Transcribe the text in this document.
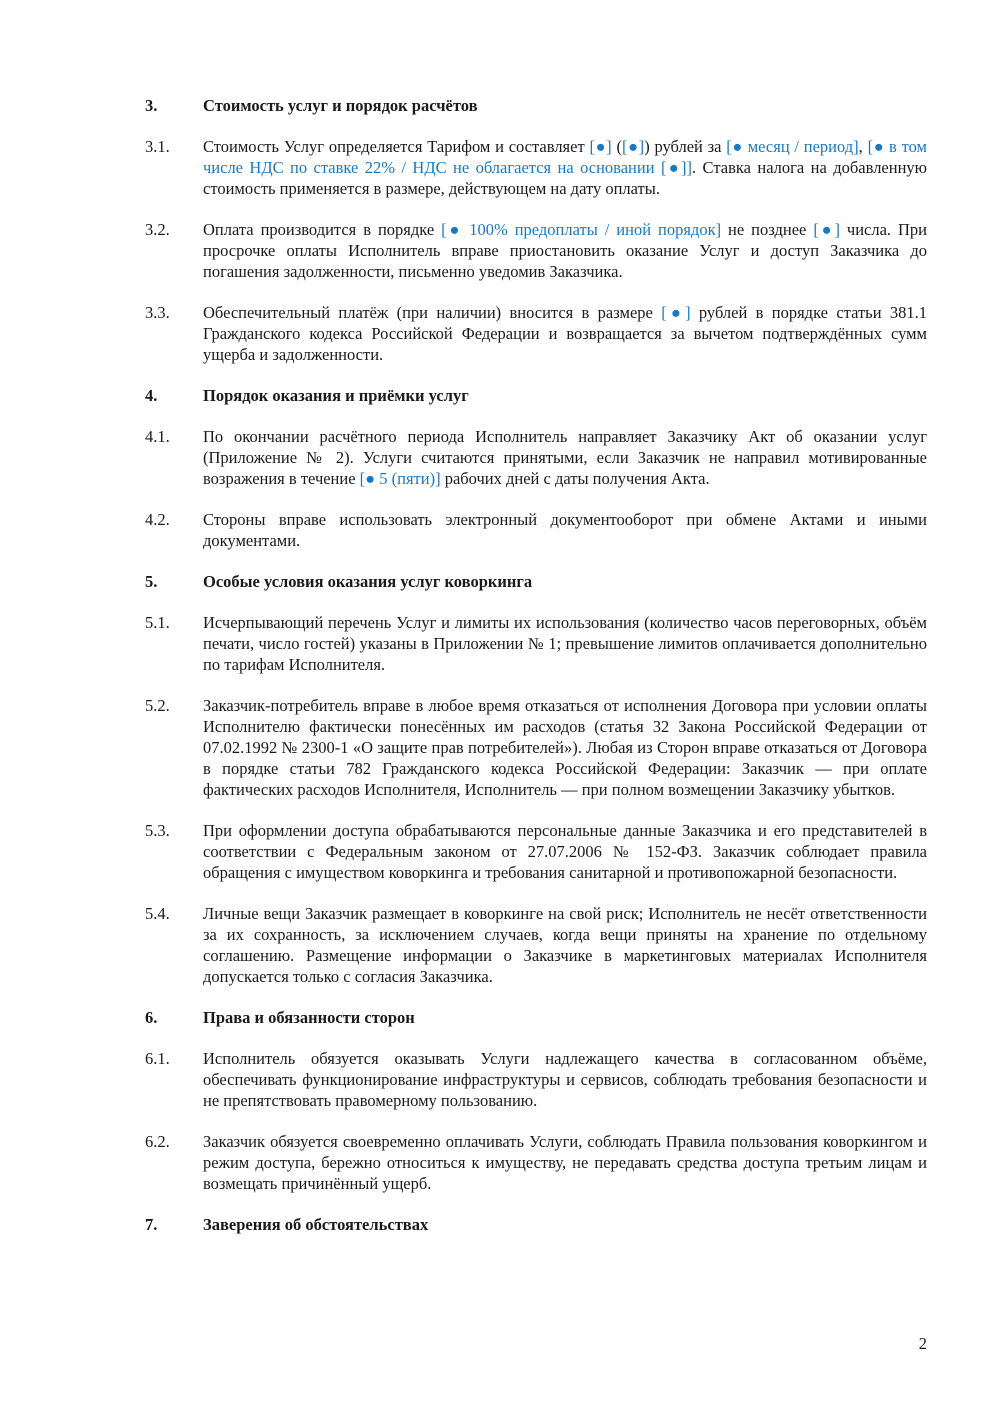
3.	Стоимость услуг и порядок расчётов
3.1.	Стоимость Услуг определяется Тарифом и составляет [●] ([●]) рублей за [● месяц / период], [● в том числе НДС по ставке 22% / НДС не облагается на основании [●]]. Ставка налога на добавленную стоимость применяется в размере, действующем на дату оплаты.
3.2.	Оплата производится в порядке [● 100% предоплаты / иной порядок] не позднее [●] числа. При просрочке оплаты Исполнитель вправе приостановить оказание Услуг и доступ Заказчика до погашения задолженности, письменно уведомив Заказчика.
3.3.	Обеспечительный платёж (при наличии) вносится в размере [●] рублей в порядке статьи 381.1 Гражданского кодекса Российской Федерации и возвращается за вычетом подтверждённых сумм ущерба и задолженности.
4.	Порядок оказания и приёмки услуг
4.1.	По окончании расчётного периода Исполнитель направляет Заказчику Акт об оказании услуг (Приложение № 2). Услуги считаются принятыми, если Заказчик не направил мотивированные возражения в течение [● 5 (пяти)] рабочих дней с даты получения Акта.
4.2.	Стороны вправе использовать электронный документооборот при обмене Актами и иными документами.
5.	Особые условия оказания услуг коворкинга
5.1.	Исчерпывающий перечень Услуг и лимиты их использования (количество часов переговорных, объём печати, число гостей) указаны в Приложении № 1; превышение лимитов оплачивается дополнительно по тарифам Исполнителя.
5.2.	Заказчик-потребитель вправе в любое время отказаться от исполнения Договора при условии оплаты Исполнителю фактически понесённых им расходов (статья 32 Закона Российской Федерации от 07.02.1992 № 2300-1 «О защите прав потребителей»). Любая из Сторон вправе отказаться от Договора в порядке статьи 782 Гражданского кодекса Российской Федерации: Заказчик — при оплате фактических расходов Исполнителя, Исполнитель — при полном возмещении Заказчику убытков.
5.3.	При оформлении доступа обрабатываются персональные данные Заказчика и его представителей в соответствии с Федеральным законом от 27.07.2006 № 152-ФЗ. Заказчик соблюдает правила обращения с имуществом коворкинга и требования санитарной и противопожарной безопасности.
5.4.	Личные вещи Заказчик размещает в коворкинге на свой риск; Исполнитель не несёт ответственности за их сохранность, за исключением случаев, когда вещи приняты на хранение по отдельному соглашению. Размещение информации о Заказчике в маркетинговых материалах Исполнителя допускается только с согласия Заказчика.
6.	Права и обязанности сторон
6.1.	Исполнитель обязуется оказывать Услуги надлежащего качества в согласованном объёме, обеспечивать функционирование инфраструктуры и сервисов, соблюдать требования безопасности и не препятствовать правомерному пользованию.
6.2.	Заказчик обязуется своевременно оплачивать Услуги, соблюдать Правила пользования коворкингом и режим доступа, бережно относиться к имуществу, не передавать средства доступа третьим лицам и возмещать причинённый ущерб.
7.	Заверения об обстоятельствах
2
